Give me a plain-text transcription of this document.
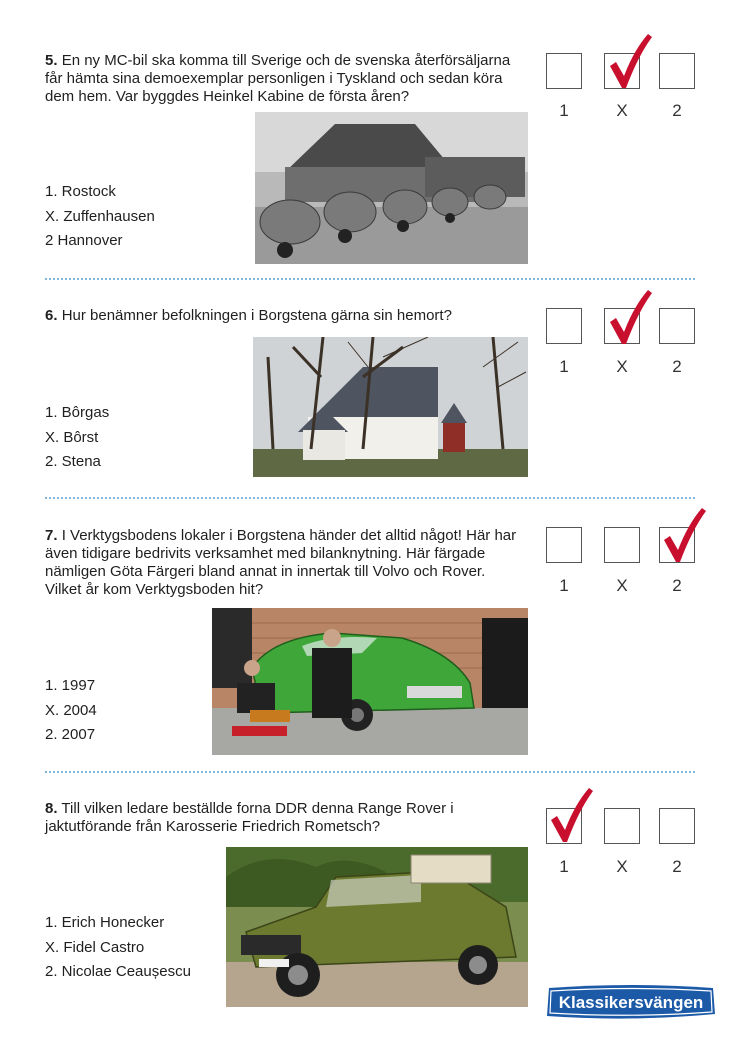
5. En ny MC-bil ska komma till Sverige och de svenska återförsäljarna får hämta sina demoexemplar personligen i Tyskland och sedan köra dem hem. Var byggdes Heinkel Kabine de första åren?
1. Rostock
X. Zuffenhausen
2 Hannover
1	X	2
6. Hur benämner befolkningen i Borgstena gärna sin hemort?
1. Bôrgas
X. Bôrst
2. Stena
1	X	2
7. I Verktygsbodens lokaler i Borgstena händer det alltid något! Här har även tidigare bedrivits verksamhet med bilanknytning. Här färgade nämligen Göta Färgeri bland annat in innertak till Volvo och Rover. Vilket år kom Verktygsboden hit?
1. 1997
X. 2004
2. 2007
1	X	2
8. Till vilken ledare beställde forna DDR denna Range Rover i jaktutförande från Karosserie Friedrich Rometsch?
1. Erich Honecker
X. Fidel Castro
2. Nicolae Ceaușescu
1	X	2
Klassikersvängen
